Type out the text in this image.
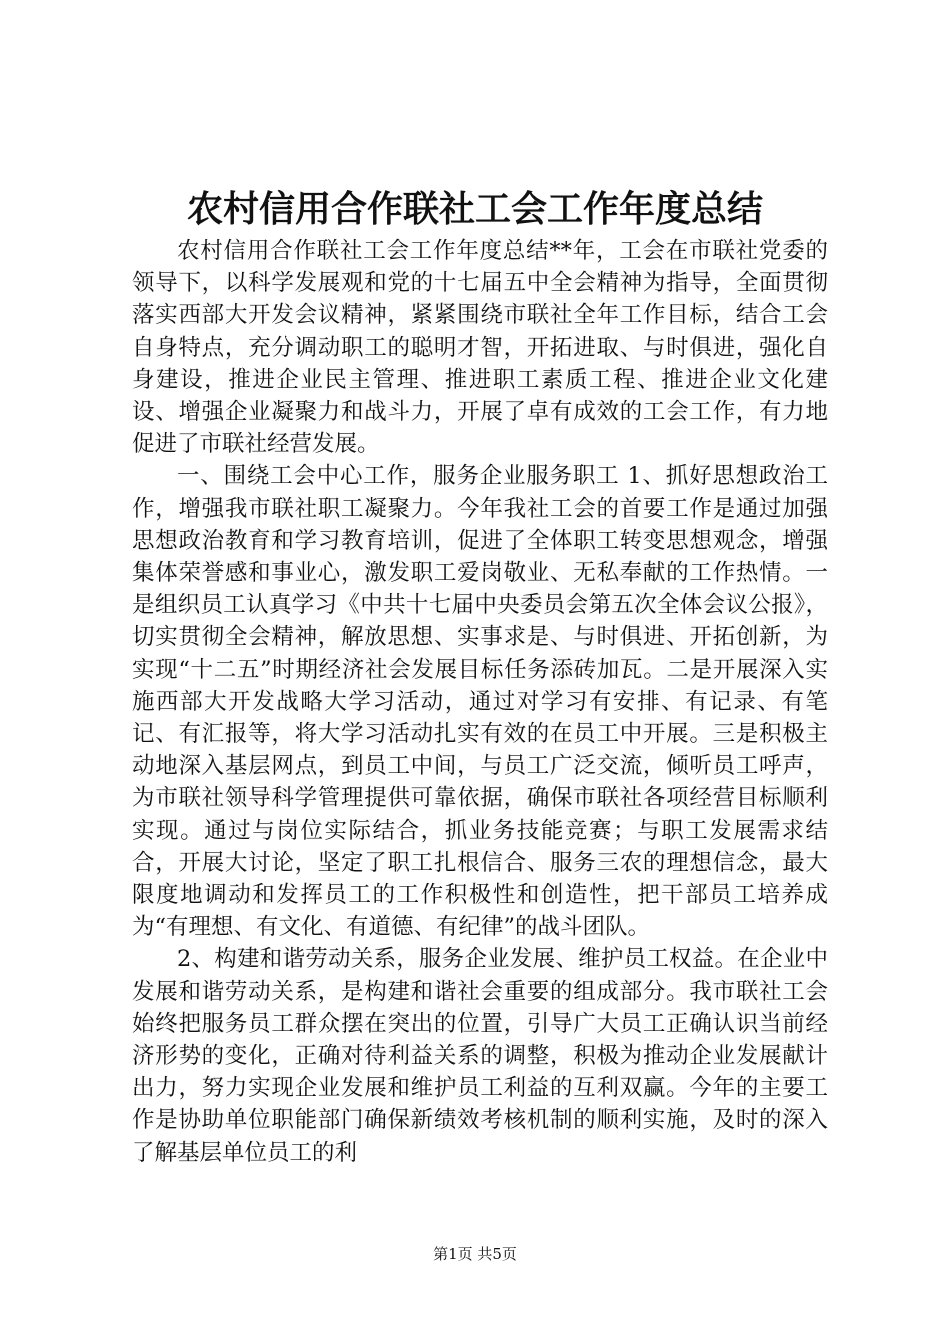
农村信用合作联社工会工作年度总结

农村信用合作联社工会工作年度总结**年，工会在市联社党委的领导下，以科学发展观和党的十七届五中全会精神为指导，全面贯彻落实西部大开发会议精神，紧紧围绕市联社全年工作目标，结合工会自身特点，充分调动职工的聪明才智，开拓进取、与时俱进，强化自身建设，推进企业民主管理、推进职工素质工程、推进企业文化建设、增强企业凝聚力和战斗力，开展了卓有成效的工会工作，有力地促进了市联社经营发展。

一、围绕工会中心工作，服务企业服务职工 1、抓好思想政治工作，增强我市联社职工凝聚力。今年我社工会的首要工作是通过加强思想政治教育和学习教育培训，促进了全体职工转变思想观念，增强集体荣誉感和事业心，激发职工爱岗敬业、无私奉献的工作热情。一是组织员工认真学习《中共十七届中央委员会第五次全体会议公报》，切实贯彻全会精神，解放思想、实事求是、与时俱进、开拓创新，为实现“十二五”时期经济社会发展目标任务添砖加瓦。二是开展深入实施西部大开发战略大学习活动，通过对学习有安排、有记录、有笔记、有汇报等，将大学习活动扎实有效的在员工中开展。三是积极主动地深入基层网点，到员工中间，与员工广泛交流，倾听员工呼声，为市联社领导科学管理提供可靠依据，确保市联社各项经营目标顺利实现。通过与岗位实际结合，抓业务技能竞赛；与职工发展需求结合，开展大讨论，坚定了职工扎根信合、服务三农的理想信念，最大限度地调动和发挥员工的工作积极性和创造性，把干部员工培养成为“有理想、有文化、有道德、有纪律”的战斗团队。

2、构建和谐劳动关系，服务企业发展、维护员工权益。在企业中发展和谐劳动关系，是构建和谐社会重要的组成部分。我市联社工会始终把服务员工群众摆在突出的位置，引导广大员工正确认识当前经济形势的变化，正确对待利益关系的调整，积极为推动企业发展献计出力，努力实现企业发展和维护员工利益的互利双赢。今年的主要工作是协助单位职能部门确保新绩效考核机制的顺利实施，及时的深入了解基层单位员工的利

第1页 共5页
